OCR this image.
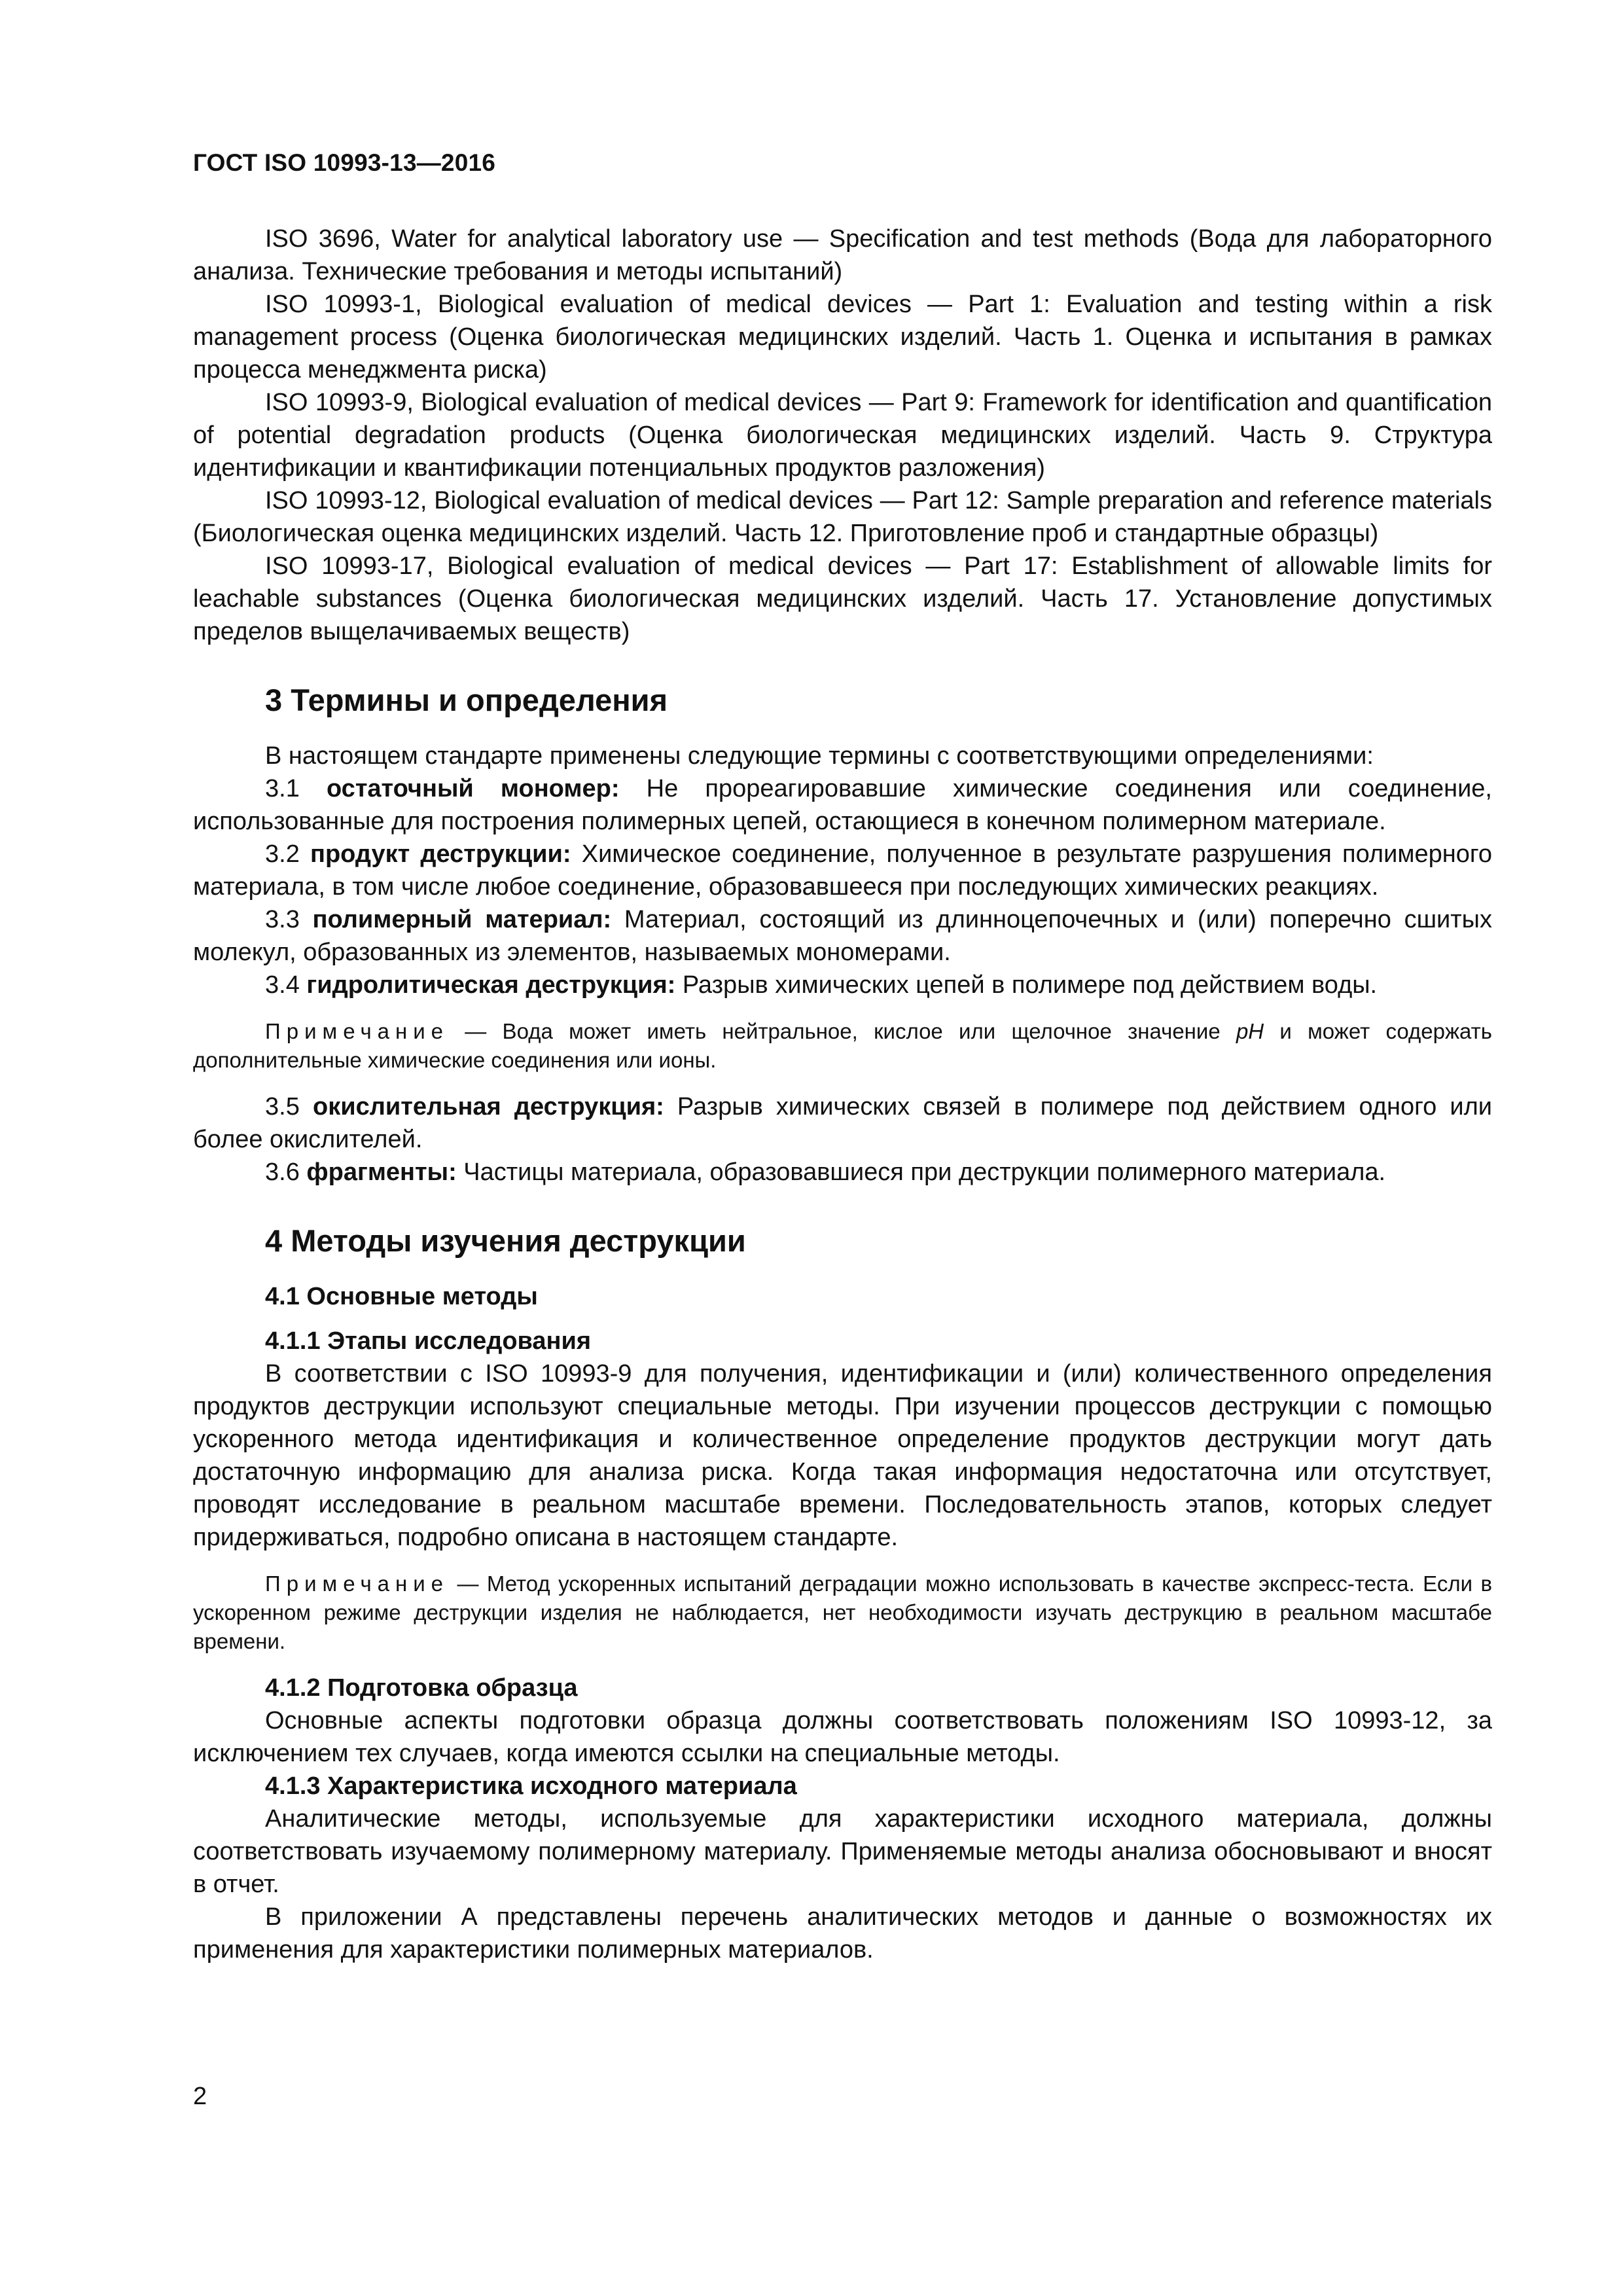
ГОСТ ISO 10993-13—2016

ISO 3696, Water for analytical laboratory use — Specification and test methods (Вода для лабораторного анализа. Технические требования и методы испытаний)

ISO 10993-1, Biological evaluation of medical devices — Part 1: Evaluation and testing within a risk management process (Оценка биологическая медицинских изделий. Часть 1. Оценка и испытания в рамках процесса менеджмента риска)

ISO 10993-9, Biological evaluation of medical devices — Part 9: Framework for identification and quantification of potential degradation products (Оценка биологическая медицинских изделий. Часть 9. Структура идентификации и квантификации потенциальных продуктов разложения)

ISO 10993-12, Biological evaluation of medical devices — Part 12: Sample preparation and reference materials (Биологическая оценка медицинских изделий. Часть 12. Приготовление проб и стандартные образцы)

ISO 10993-17, Biological evaluation of medical devices — Part 17: Establishment of allowable limits for leachable substances (Оценка биологическая медицинских изделий. Часть 17. Установление допустимых пределов выщелачиваемых веществ)

3 Термины и определения

В настоящем стандарте применены следующие термины с соответствующими определениями:

3.1 остаточный мономер: Не прореагировавшие химические соединения или соединение, использованные для построения полимерных цепей, остающиеся в конечном полимерном материале.

3.2 продукт деструкции: Химическое соединение, полученное в результате разрушения полимерного материала, в том числе любое соединение, образовавшееся при последующих химических реакциях.

3.3 полимерный материал: Материал, состоящий из длинноцепочечных и (или) поперечно сшитых молекул, образованных из элементов, называемых мономерами.

3.4 гидролитическая деструкция: Разрыв химических цепей в полимере под действием воды.

Примечание — Вода может иметь нейтральное, кислое или щелочное значение pH и может содержать дополнительные химические соединения или ионы.

3.5 окислительная деструкция: Разрыв химических связей в полимере под действием одного или более окислителей.

3.6 фрагменты: Частицы материала, образовавшиеся при деструкции полимерного материала.

4 Методы изучения деструкции
4.1 Основные методы
4.1.1 Этапы исследования

В соответствии с ISO 10993-9 для получения, идентификации и (или) количественного определения продуктов деструкции используют специальные методы. При изучении процессов деструкции с помощью ускоренного метода идентификация и количественное определение продуктов деструкции могут дать достаточную информацию для анализа риска. Когда такая информация недостаточна или отсутствует, проводят исследование в реальном масштабе времени. Последовательность этапов, которых следует придерживаться, подробно описана в настоящем стандарте.

Примечание — Метод ускоренных испытаний деградации можно использовать в качестве экспресс-теста. Если в ускоренном режиме деструкции изделия не наблюдается, нет необходимости изучать деструкцию в реальном масштабе времени.

4.1.2 Подготовка образца

Основные аспекты подготовки образца должны соответствовать положениям ISO 10993-12, за исключением тех случаев, когда имеются ссылки на специальные методы.

4.1.3 Характеристика исходного материала

Аналитические методы, используемые для характеристики исходного материала, должны соответствовать изучаемому полимерному материалу. Применяемые методы анализа обосновывают и вносят в отчет.

В приложении А представлены перечень аналитических методов и данные о возможностях их применения для характеристики полимерных материалов.

2
